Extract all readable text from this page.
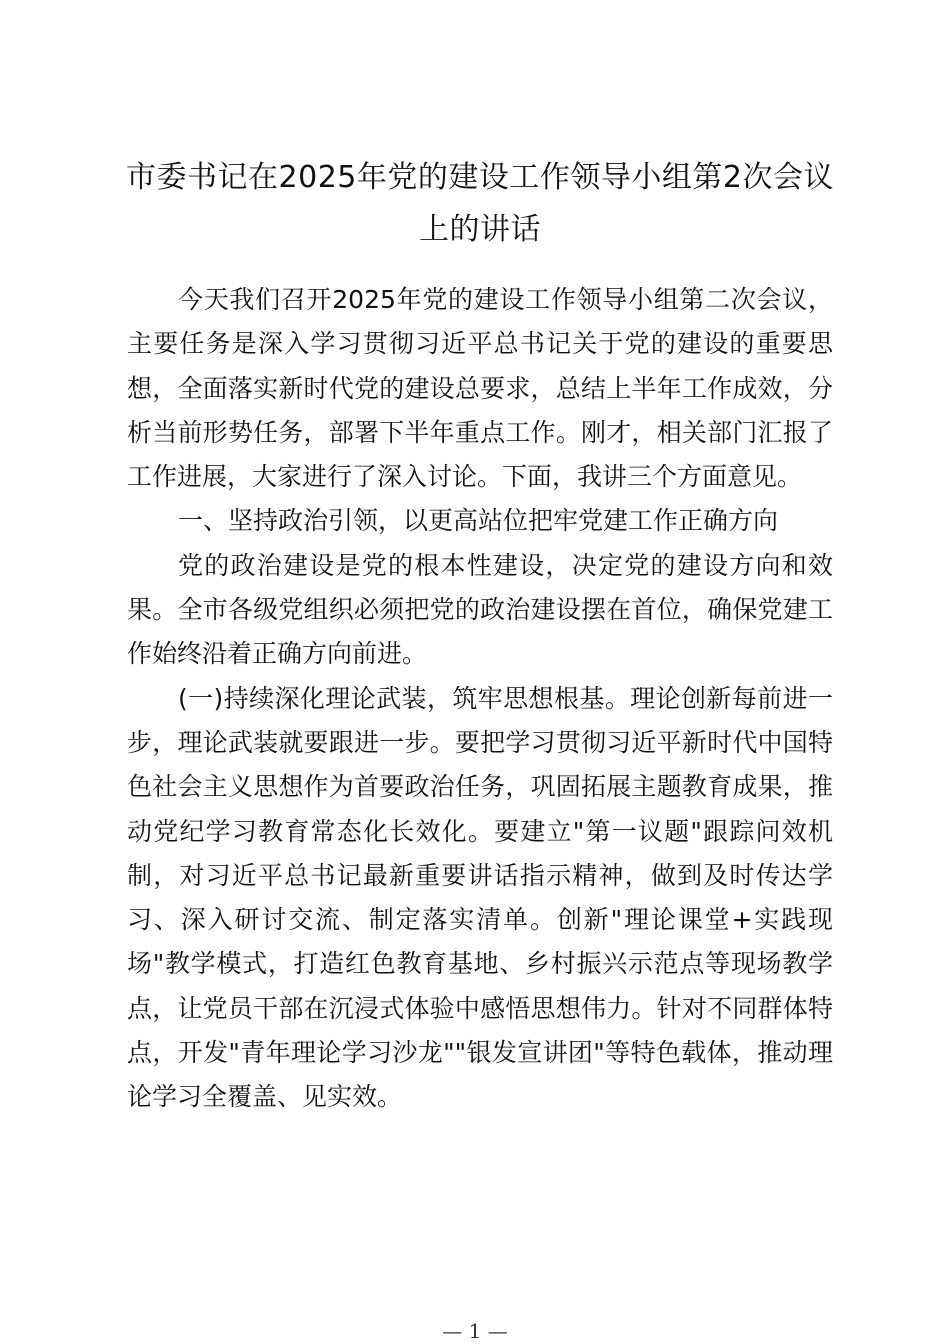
市委书记在2025年党的建设工作领导小组第2次会议上的讲话

今天我们召开2025年党的建设工作领导小组第二次会议，主要任务是深入学习贯彻习近平总书记关于党的建设的重要思想，全面落实新时代党的建设总要求，总结上半年工作成效，分析当前形势任务，部署下半年重点工作。刚才，相关部门汇报了工作进展，大家进行了深入讨论。下面，我讲三个方面意见。

一、坚持政治引领，以更高站位把牢党建工作正确方向

党的政治建设是党的根本性建设，决定党的建设方向和效果。全市各级党组织必须把党的政治建设摆在首位，确保党建工作始终沿着正确方向前进。

(一)持续深化理论武装，筑牢思想根基。理论创新每前进一步，理论武装就要跟进一步。要把学习贯彻习近平新时代中国特色社会主义思想作为首要政治任务，巩固拓展主题教育成果，推动党纪学习教育常态化长效化。要建立"第一议题"跟踪问效机制，对习近平总书记最新重要讲话指示精神，做到及时传达学习、深入研讨交流、制定落实清单。创新"理论课堂+实践现场"教学模式，打造红色教育基地、乡村振兴示范点等现场教学点，让党员干部在沉浸式体验中感悟思想伟力。针对不同群体特点，开发"青年理论学习沙龙""银发宣讲团"等特色载体，推动理论学习全覆盖、见实效。

— 1 —
